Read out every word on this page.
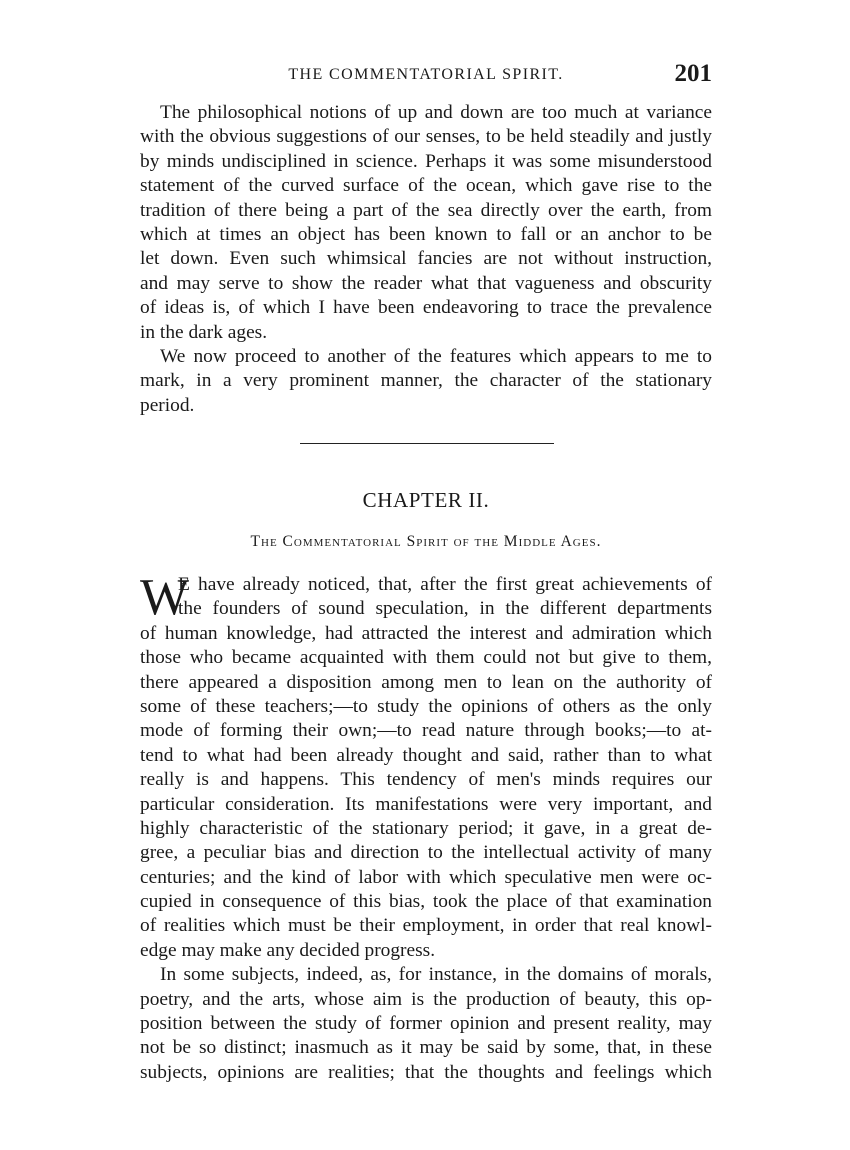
THE COMMENTATORIAL SPIRIT.	201
The philosophical notions of up and down are too much at variance
with the obvious suggestions of our senses, to be held steadily and justly
by minds undisciplined in science. Perhaps it was some misunderstood
statement of the curved surface of the ocean, which gave rise to the
tradition of there being a part of the sea directly over the earth, from
which at times an object has been known to fall or an anchor to be
let down. Even such whimsical fancies are not without instruction,
and may serve to show the reader what that vagueness and obscurity
of ideas is, of which I have been endeavoring to trace the prevalence
in the dark ages.
We now proceed to another of the features which appears to me to
mark, in a very prominent manner, the character of the stationary
period.
CHAPTER II.
The Commentatorial Spirit of the Middle Ages.
W
E have already noticed, that, after the first great achievements of
the founders of sound speculation, in the different departments
of human knowledge, had attracted the interest and admiration which
those who became acquainted with them could not but give to them,
there appeared a disposition among men to lean on the authority of
some of these teachers;—to study the opinions of others as the only
mode of forming their own;—to read nature through books;—to at-
tend to what had been already thought and said, rather than to what
really is and happens. This tendency of men's minds requires our
particular consideration. Its manifestations were very important, and
highly characteristic of the stationary period; it gave, in a great de-
gree, a peculiar bias and direction to the intellectual activity of many
centuries; and the kind of labor with which speculative men were oc-
cupied in consequence of this bias, took the place of that examination
of realities which must be their employment, in order that real knowl-
edge may make any decided progress.
In some subjects, indeed, as, for instance, in the domains of morals,
poetry, and the arts, whose aim is the production of beauty, this op-
position between the study of former opinion and present reality, may
not be so distinct; inasmuch as it may be said by some, that, in these
subjects, opinions are realities; that the thoughts and feelings which
